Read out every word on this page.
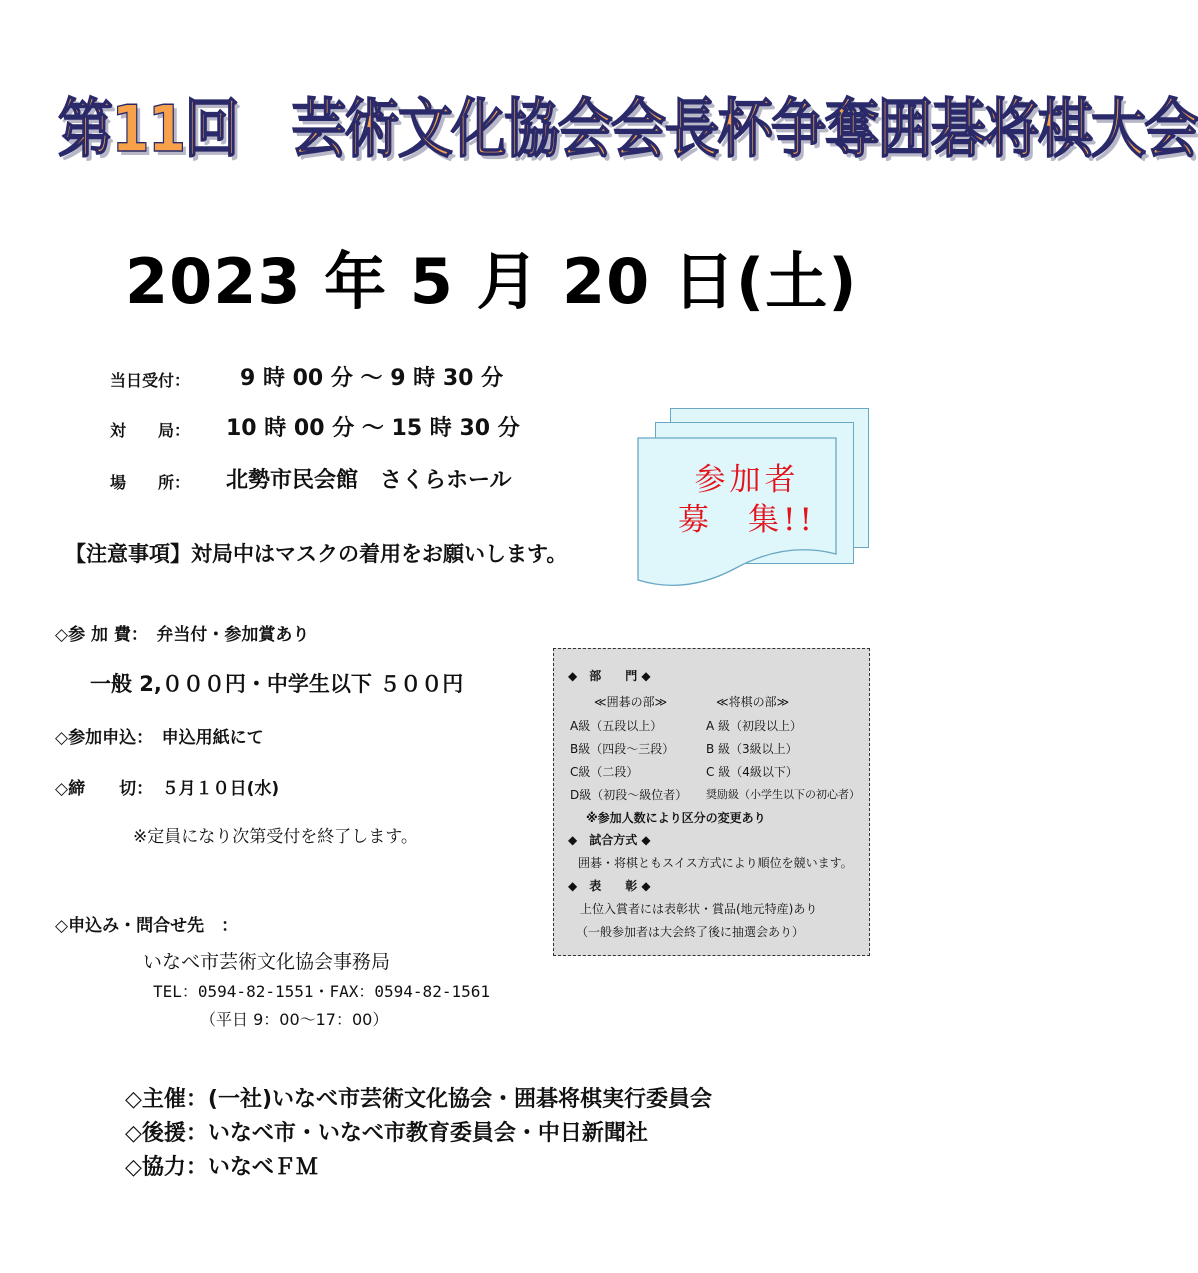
第11回　芸術文化協会会長杯争奪囲碁将棋大会
2023 年 5 月 20 日(土)
当日受付： 9 時 00 分 ～ 9 時 30 分
対　　局： 10 時 00 分 ～ 15 時 30 分
場　　所： 北勢市民会館　さくらホール	参加者
募　集!!
【注意事項】対局中はマスクの着用をお願いします。
◇参 加 費：　弁当付・参加賞あり
一般 2,０００円・中学生以下 ５００円
◇参加申込：　申込用紙にて
◇締　　切：　５月１０日(水)
※定員になり次第受付を終了します。
◇申込み・問合せ先　：
いなべ市芸術文化協会事務局
TEL：0594-82-1551・FAX：0594-82-1561
（平日 9：00～17：00）
◆　部　　門 ◆
≪囲碁の部≫	≪将棋の部≫
A級（五段以上）
B級（四段～三段）
C級（二段）
D級（初段～級位者）
A 級（初段以上）
B 級（3級以上）
C 級（4級以下）
奨励級（小学生以下の初心者）
※参加人数により区分の変更あり
◆　試合方式 ◆
囲碁・将棋ともスイス方式により順位を競います。
◆　表　　彰 ◆
上位入賞者には表彰状・賞品(地元特産)あり
（一般参加者は大会終了後に抽選会あり）
◇主催：(一社)いなべ市芸術文化協会・囲碁将棋実行委員会
◇後援：いなべ市・いなべ市教育委員会・中日新聞社
◇協力：いなべＦＭ
